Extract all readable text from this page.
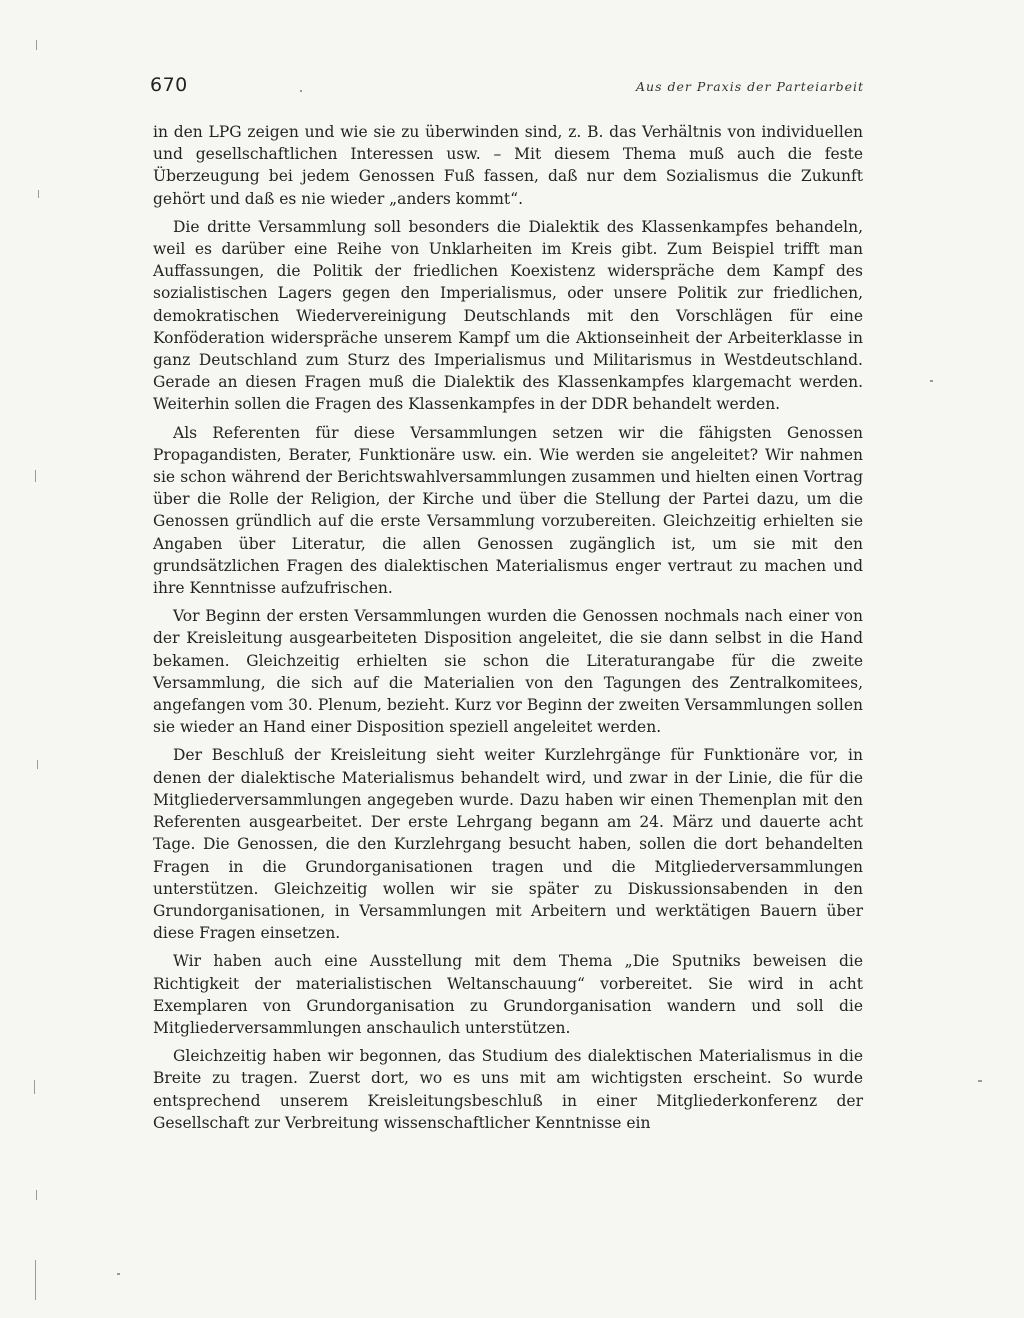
670	Aus der Praxis der Parteiarbeit

in den LPG zeigen und wie sie zu überwinden sind, z. B. das Verhältnis von individuellen und gesellschaftlichen Interessen usw. – Mit diesem Thema muß auch die feste Überzeugung bei jedem Genossen Fuß fassen, daß nur dem Sozialismus die Zukunft gehört und daß es nie wieder „anders kommt“.

Die dritte Versammlung soll besonders die Dialektik des Klassenkampfes behandeln, weil es darüber eine Reihe von Unklarheiten im Kreis gibt. Zum Beispiel trifft man Auffassungen, die Politik der friedlichen Koexistenz widerspräche dem Kampf des sozialistischen Lagers gegen den Imperialismus, oder unsere Politik zur friedlichen, demokratischen Wiedervereinigung Deutschlands mit den Vorschlägen für eine Konföderation widerspräche unserem Kampf um die Aktionseinheit der Arbeiterklasse in ganz Deutschland zum Sturz des Imperialismus und Militarismus in Westdeutschland. Gerade an diesen Fragen muß die Dialektik des Klassenkampfes klargemacht werden. Weiterhin sollen die Fragen des Klassenkampfes in der DDR behandelt werden.

Als Referenten für diese Versammlungen setzen wir die fähigsten Genossen Propagandisten, Berater, Funktionäre usw. ein. Wie werden sie angeleitet? Wir nahmen sie schon während der Berichtswahlversammlungen zusammen und hielten einen Vortrag über die Rolle der Religion, der Kirche und über die Stellung der Partei dazu, um die Genossen gründlich auf die erste Versammlung vorzubereiten. Gleichzeitig erhielten sie Angaben über Literatur, die allen Genossen zugänglich ist, um sie mit den grundsätzlichen Fragen des dialektischen Materialismus enger vertraut zu machen und ihre Kenntnisse aufzufrischen.

Vor Beginn der ersten Versammlungen wurden die Genossen nochmals nach einer von der Kreisleitung ausgearbeiteten Disposition angeleitet, die sie dann selbst in die Hand bekamen. Gleichzeitig erhielten sie schon die Literaturangabe für die zweite Versammlung, die sich auf die Materialien von den Tagungen des Zentralkomitees, angefangen vom 30. Plenum, bezieht. Kurz vor Beginn der zweiten Versammlungen sollen sie wieder an Hand einer Disposition speziell angeleitet werden.

Der Beschluß der Kreisleitung sieht weiter Kurzlehrgänge für Funktionäre vor, in denen der dialektische Materialismus behandelt wird, und zwar in der Linie, die für die Mitgliederversammlungen angegeben wurde. Dazu haben wir einen Themenplan mit den Referenten ausgearbeitet. Der erste Lehrgang begann am 24. März und dauerte acht Tage. Die Genossen, die den Kurzlehrgang besucht haben, sollen die dort behandelten Fragen in die Grundorganisationen tragen und die Mitgliederversammlungen unterstützen. Gleichzeitig wollen wir sie später zu Diskussionsabenden in den Grundorganisationen, in Versammlungen mit Arbeitern und werktätigen Bauern über diese Fragen einsetzen.

Wir haben auch eine Ausstellung mit dem Thema „Die Sputniks beweisen die Richtigkeit der materialistischen Weltanschauung“ vorbereitet. Sie wird in acht Exemplaren von Grundorganisation zu Grundorganisation wandern und soll die Mitgliederversammlungen anschaulich unterstützen.

Gleichzeitig haben wir begonnen, das Studium des dialektischen Materialismus in die Breite zu tragen. Zuerst dort, wo es uns mit am wichtigsten erscheint. So wurde entsprechend unserem Kreisleitungsbeschluß in einer Mitgliederkonferenz der Gesellschaft zur Verbreitung wissenschaftlicher Kenntnisse ein
